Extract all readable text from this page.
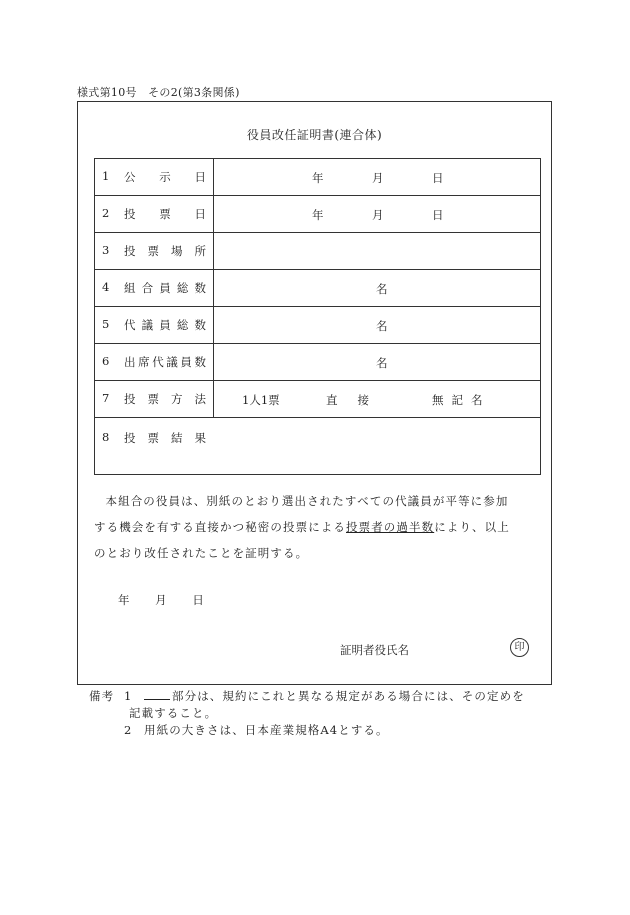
様式第10号　その2(第3条関係)
役員改任証明書(連合体)
1 公示日	年 月 日

2 投票日	年 月 日

3 投票場所	
4 組合員総数	名

5 代議員総数	名

6 出席代議員数	名

7 投票方法	1人1票 直接 無記名

8 投票結果	

本組合の役員は、別紙のとおり選出されたすべての代議員が平等に参加

する機会を有する直接かつ秘密の投票による投票者の過半数により、以上
のとおり改任されたことを証明する。
年 月 日
証明者役氏名	印
備考 1	部分は、規約にこれと異なる規定がある場合には、その定めを
記載すること。
2 用紙の大きさは、日本産業規格A4とする。
